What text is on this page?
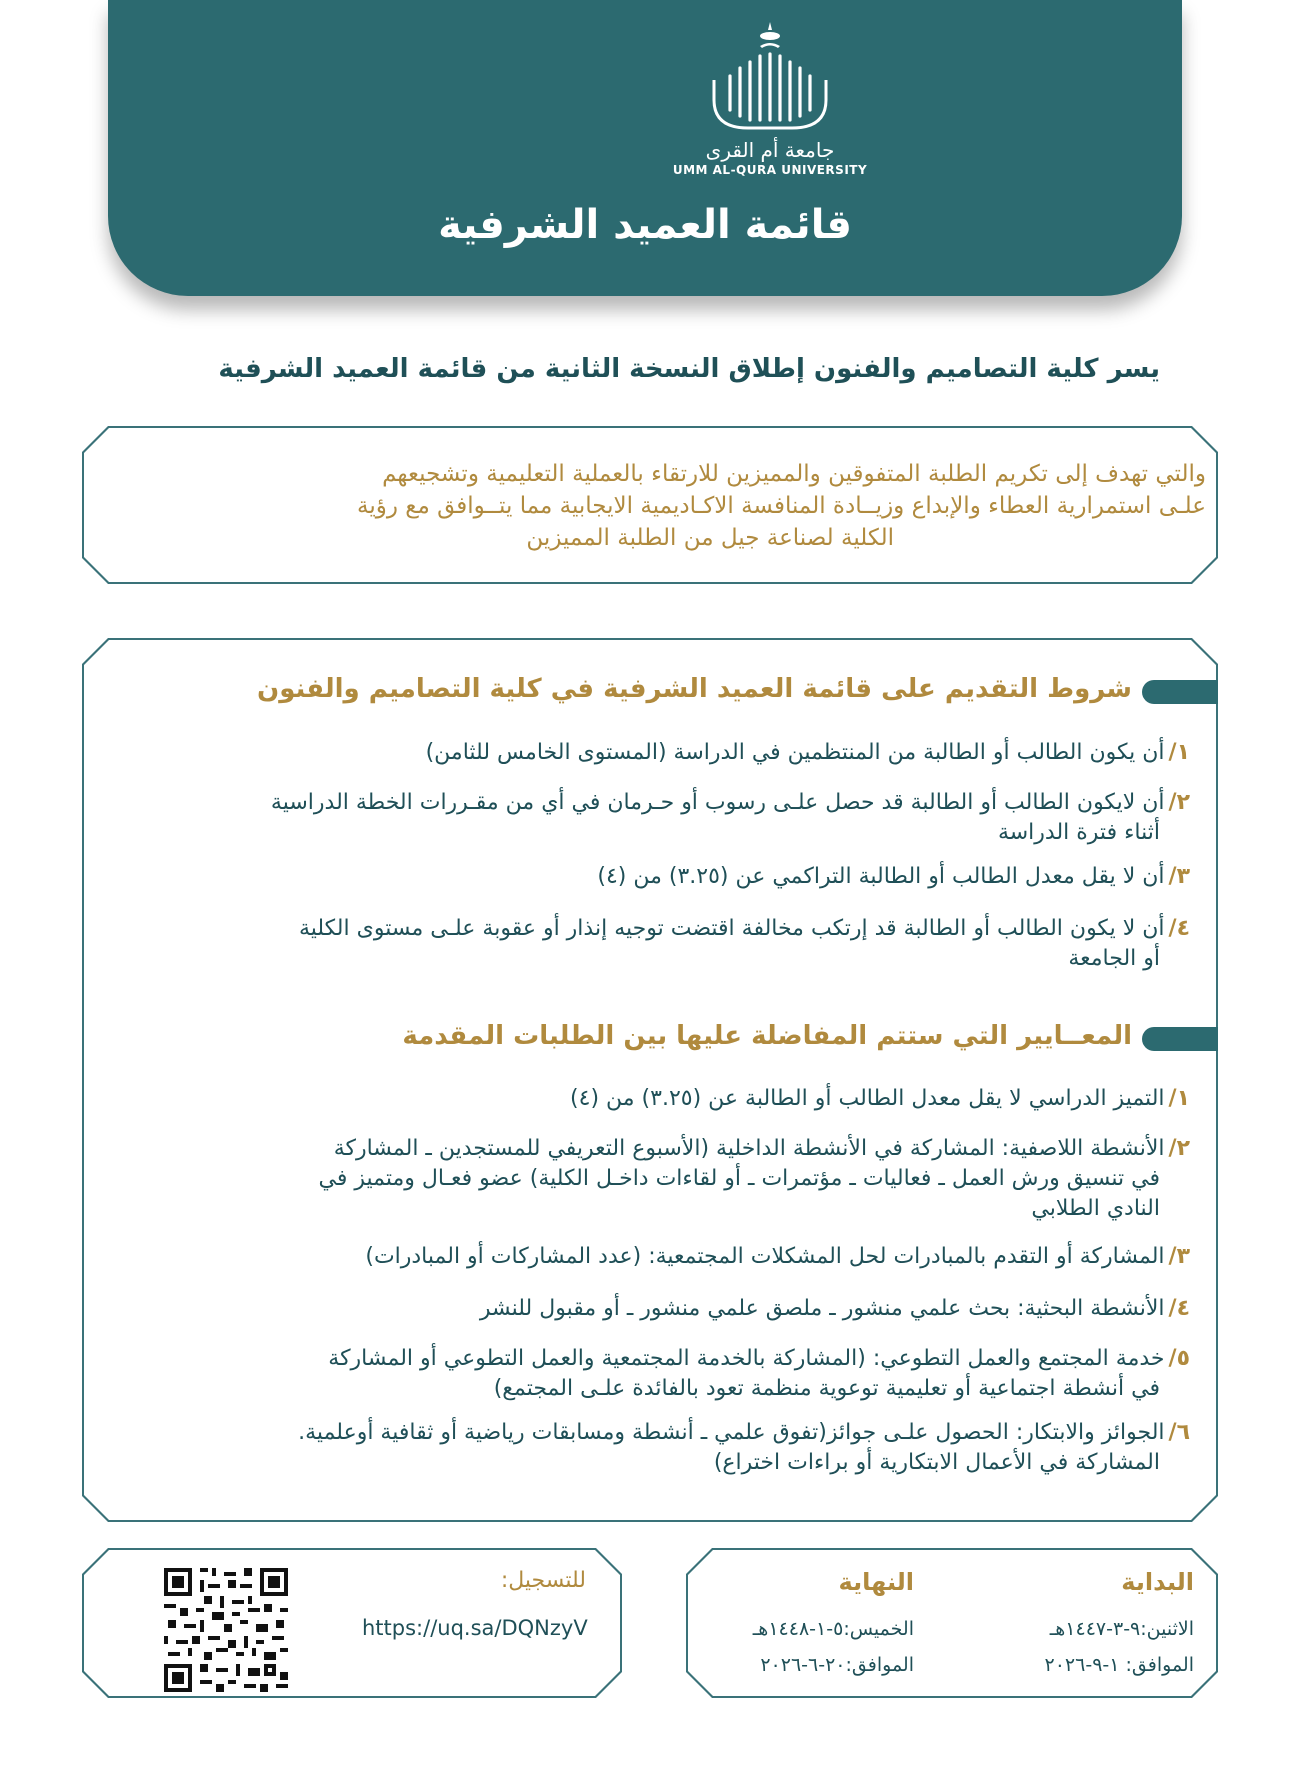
جامعة أم القرى
UMM AL-QURA UNIVERSITY
قائمة العميد الشرفية
يسر كلية التصاميم والفنون إطلاق النسخة الثانية من قائمة العميد الشرفية
والتي تهدف إلى تكريم الطلبة المتفوقين والمميزين للارتقاء بالعملية التعليمية وتشجيعهم
علـى استمرارية العطاء والإبداع وزيــادة المنافسة الاكـاديمية الايجابية مما يتــوافق مع رؤية
الكلية لصناعة جيل من الطلبة المميزين
شروط التقديم على قائمة العميد الشرفية في كلية التصاميم والفنون
١/أن يكون الطالب أو الطالبة من المنتظمين في الدراسة (المستوى الخامس للثامن)
٢/أن لايكون الطالب أو الطالبة قد حصل علـى رسوب أو حـرمان في أي من مقـررات الخطة الدراسية
أثناء فترة الدراسة
٣/أن لا يقل معدل الطالب أو الطالبة التراكمي عن (٣.٢٥) من (٤)
٤/أن لا يكون الطالب أو الطالبة قد إرتكب مخالفة اقتضت توجيه إنذار أو عقوبة علـى مستوى الكلية
أو الجامعة
المعــايير التي ستتم المفاضلة عليها بين الطلبات المقدمة
١/التميز الدراسي لا يقل معدل الطالب أو الطالبة عن (٣.٢٥) من (٤)
٢/الأنشطة اللاصفية: المشاركة في الأنشطة الداخلية (الأسبوع التعريفي للمستجدين ـ المشاركة
في تنسيق ورش العمل ـ فعاليات ـ مؤتمرات ـ أو لقاءات داخـل الكلية) عضو فعـال ومتميز في
النادي الطلابي
٣/المشاركة أو التقدم بالمبادرات لحل المشكلات المجتمعية: (عدد المشاركات أو المبادرات)
٤/الأنشطة البحثية: بحث علمي منشور ـ ملصق علمي منشور ـ أو مقبول للنشر
٥/خدمة المجتمع والعمل التطوعي: (المشاركة بالخدمة المجتمعية والعمل التطوعي أو المشاركة
في أنشطة اجتماعية أو تعليمية توعوية منظمة تعود بالفائدة علـى المجتمع)
٦/الجوائز والابتكار: الحصول علـى جوائز(تفوق علمي ـ أنشطة ومسابقات رياضية أو ثقافية أوعلمية.
المشاركة في الأعمال الابتكارية أو براءات اختراع)
البداية
الاثنين:٩-٣-١٤٤٧هـ
الموافق: ١-٩-٢٠٢٦
النهاية
الخميس:٥-١-١٤٤٨هـ
الموافق:٢٠-٦-٢٠٢٦
للتسجيل:
https://uq.sa/DQNzyV
